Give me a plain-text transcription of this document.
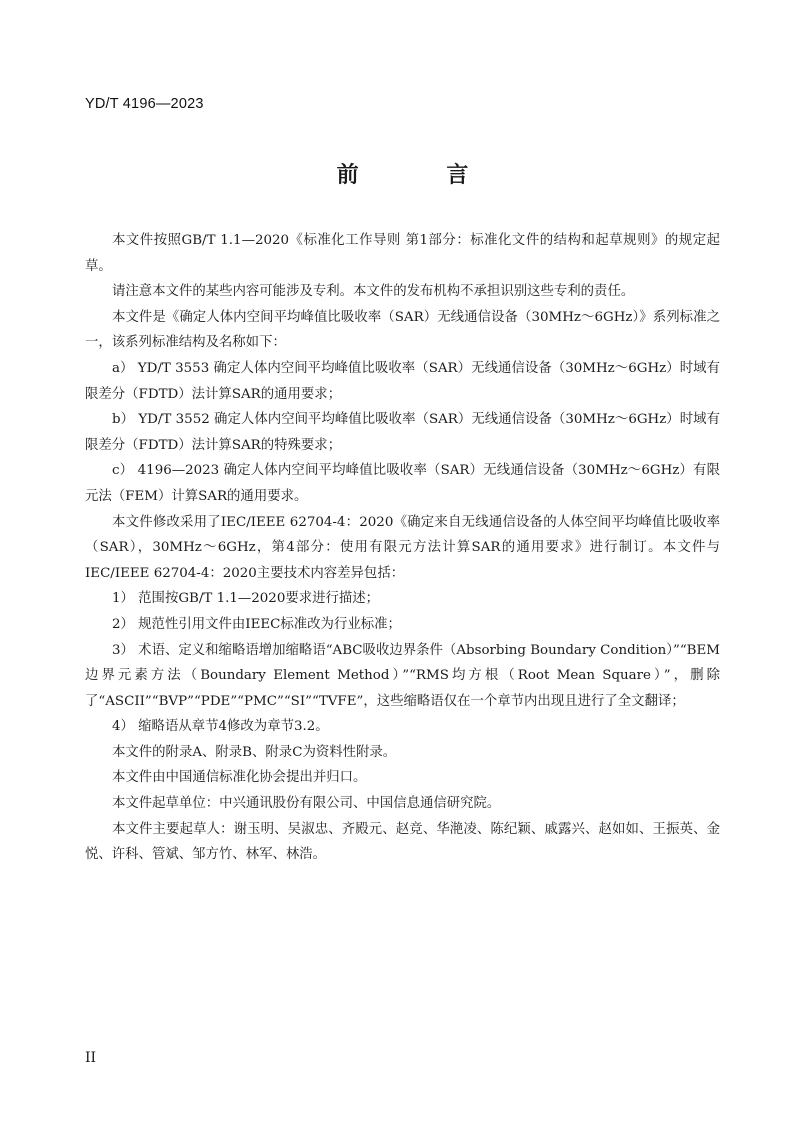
YD/T 4196—2023
前 言

本文件按照GB/T 1.1—2020《标准化工作导则 第1部分：标准化文件的结构和起草规则》的规定起草。

请注意本文件的某些内容可能涉及专利。本文件的发布机构不承担识别这些专利的责任。

本文件是《确定人体内空间平均峰值比吸收率（SAR）无线通信设备（30MHz～6GHz）》系列标准之一，该系列标准结构及名称如下：

a） YD/T 3553 确定人体内空间平均峰值比吸收率（SAR）无线通信设备（30MHz～6GHz）时域有限差分（FDTD）法计算SAR的通用要求；

b） YD/T 3552 确定人体内空间平均峰值比吸收率（SAR）无线通信设备（30MHz～6GHz）时域有限差分（FDTD）法计算SAR的特殊要求；

c） 4196—2023 确定人体内空间平均峰值比吸收率（SAR）无线通信设备（30MHz～6GHz）有限元法（FEM）计算SAR的通用要求。

本文件修改采用了IEC/IEEE 62704-4：2020《确定来自无线通信设备的人体空间平均峰值比吸收率（SAR），30MHz～6GHz，第4部分：使用有限元方法计算SAR的通用要求》进行制订。本文件与IEC/IEEE 62704-4：2020主要技术内容差异包括：

1） 范围按GB/T 1.1—2020要求进行描述；

2） 规范性引用文件由IEEC标准改为行业标准；

3） 术语、定义和缩略语增加缩略语“ABC吸收边界条件（Absorbing Boundary Condition）”“BEM边界元素方法（Boundary Element Method）”“RMS均方根（Root Mean Square）”，删除了“ASCII”“BVP”“PDE”“PMC”“SI”“TVFE”，这些缩略语仅在一个章节内出现且进行了全文翻译；

4） 缩略语从章节4修改为章节3.2。

本文件的附录A、附录B、附录C为资料性附录。

本文件由中国通信标准化协会提出并归口。

本文件起草单位：中兴通讯股份有限公司、中国信息通信研究院。

本文件主要起草人：谢玉明、吴淑忠、齐殿元、赵竞、华滟凌、陈纪颖、戚露兴、赵如如、王振英、金悦、许科、管斌、邹方竹、林军、林浩。

II
